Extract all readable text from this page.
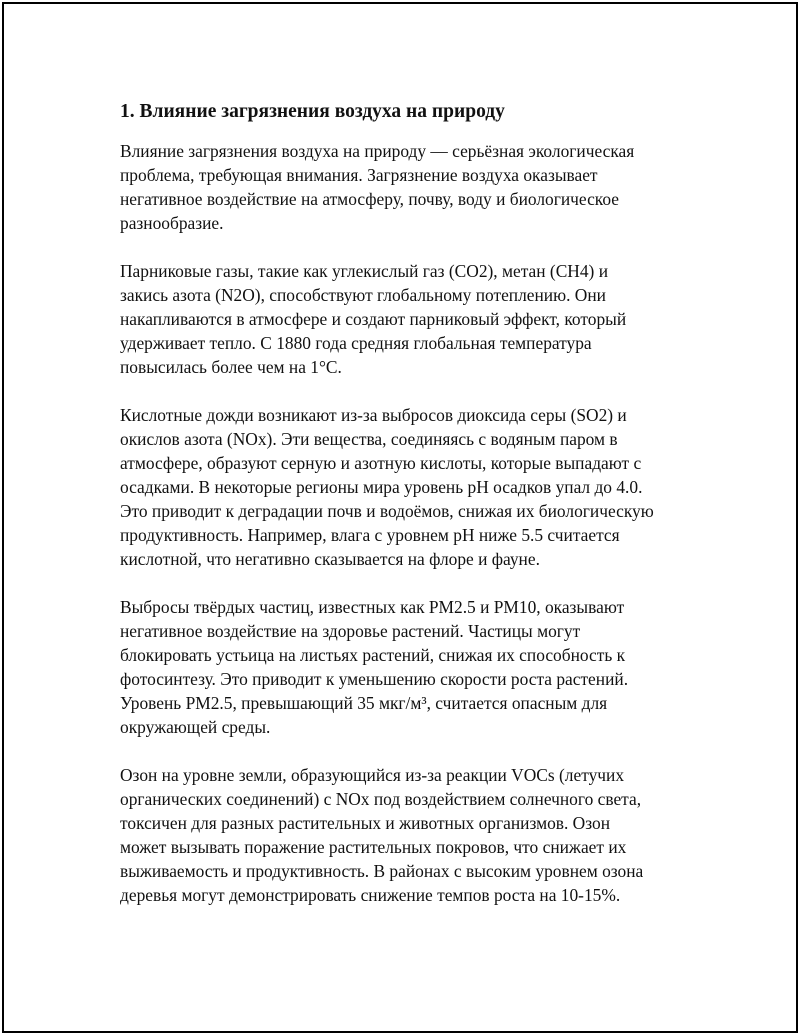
1. Влияние загрязнения воздуха на природу

Влияние загрязнения воздуха на природу — серьёзная экологическая
проблема, требующая внимания. Загрязнение воздуха оказывает
негативное воздействие на атмосферу, почву, воду и биологическое
разнообразие.

Парниковые газы, такие как углекислый газ (CO2), метан (CH4) и
закись азота (N2O), способствуют глобальному потеплению. Они
накапливаются в атмосфере и создают парниковый эффект, который
удерживает тепло. С 1880 года средняя глобальная температура
повысилась более чем на 1°C.

Кислотные дожди возникают из-за выбросов диоксида серы (SO2) и
окислов азота (NOx). Эти вещества, соединяясь с водяным паром в
атмосфере, образуют серную и азотную кислоты, которые выпадают с
осадками. В некоторые регионы мира уровень pH осадков упал до 4.0.
Это приводит к деградации почв и водоёмов, снижая их биологическую
продуктивность. Например, влага с уровнем pH ниже 5.5 считается
кислотной, что негативно сказывается на флоре и фауне.

Выбросы твёрдых частиц, известных как PM2.5 и PM10, оказывают
негативное воздействие на здоровье растений. Частицы могут
блокировать устьица на листьях растений, снижая их способность к
фотосинтезу. Это приводит к уменьшению скорости роста растений.
Уровень PM2.5, превышающий 35 мкг/м³, считается опасным для
окружающей среды.

Озон на уровне земли, образующийся из-за реакции VOCs (летучих
органических соединений) с NOx под воздействием солнечного света,
токсичен для разных растительных и животных организмов. Озон
может вызывать поражение растительных покровов, что снижает их
выживаемость и продуктивность. В районах с высоким уровнем озона
деревья могут демонстрировать снижение темпов роста на 10-15%.
